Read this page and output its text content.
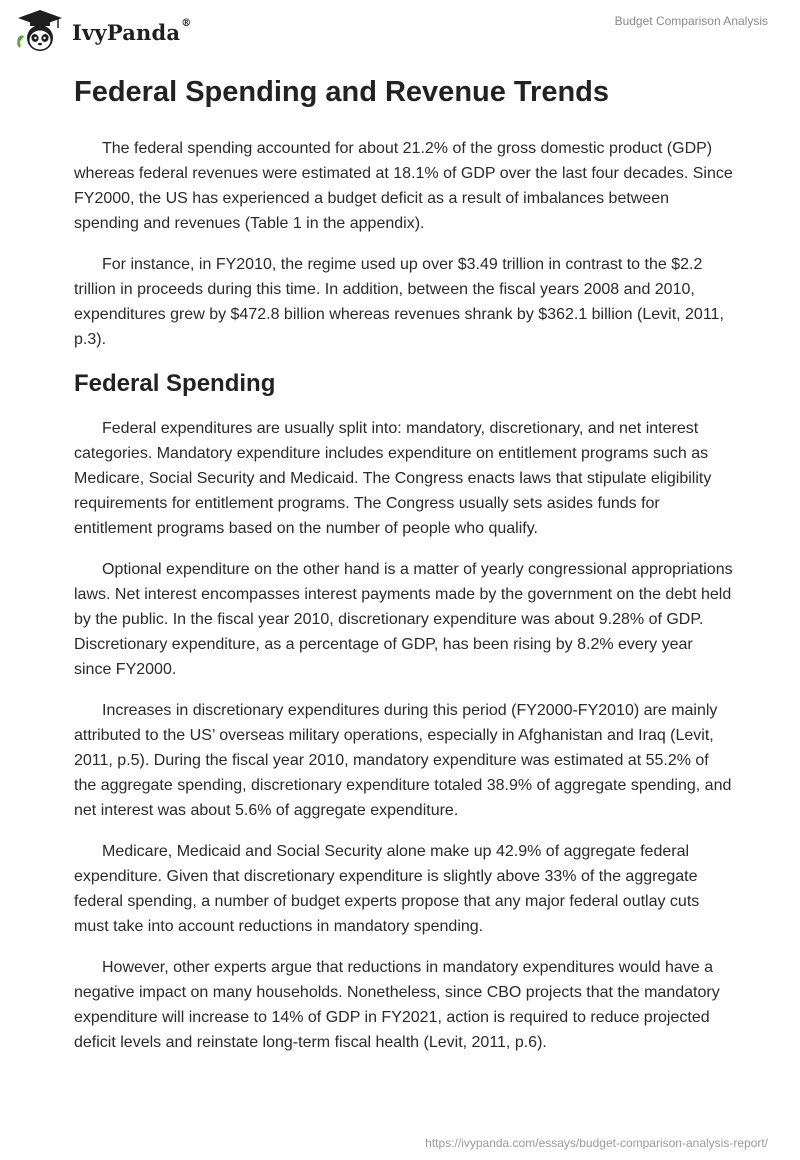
IvyPanda®	Budget Comparison Analysis
Federal Spending and Revenue Trends

The federal spending accounted for about 21.2% of the gross domestic product (GDP) whereas federal revenues were estimated at 18.1% of GDP over the last four decades. Since FY2000, the US has experienced a budget deficit as a result of imbalances between spending and revenues (Table 1 in the appendix).

For instance, in FY2010, the regime used up over $3.49 trillion in contrast to the $2.2 trillion in proceeds during this time. In addition, between the fiscal years 2008 and 2010, expenditures grew by $472.8 billion whereas revenues shrank by $362.1 billion (Levit, 2011, p.3).

Federal Spending

Federal expenditures are usually split into: mandatory, discretionary, and net interest categories. Mandatory expenditure includes expenditure on entitlement programs such as Medicare, Social Security and Medicaid. The Congress enacts laws that stipulate eligibility requirements for entitlement programs. The Congress usually sets asides funds for entitlement programs based on the number of people who qualify.

Optional expenditure on the other hand is a matter of yearly congressional appropriations laws. Net interest encompasses interest payments made by the government on the debt held by the public. In the fiscal year 2010, discretionary expenditure was about 9.28% of GDP. Discretionary expenditure, as a percentage of GDP, has been rising by 8.2% every year since FY2000.

Increases in discretionary expenditures during this period (FY2000-FY2010) are mainly attributed to the US’ overseas military operations, especially in Afghanistan and Iraq (Levit, 2011, p.5). During the fiscal year 2010, mandatory expenditure was estimated at 55.2% of the aggregate spending, discretionary expenditure totaled 38.9% of aggregate spending, and net interest was about 5.6% of aggregate expenditure.

Medicare, Medicaid and Social Security alone make up 42.9% of aggregate federal expenditure. Given that discretionary expenditure is slightly above 33% of the aggregate federal spending, a number of budget experts propose that any major federal outlay cuts must take into account reductions in mandatory spending.

However, other experts argue that reductions in mandatory expenditures would have a negative impact on many households. Nonetheless, since CBO projects that the mandatory expenditure will increase to 14% of GDP in FY2021, action is required to reduce projected deficit levels and reinstate long-term fiscal health (Levit, 2011, p.6).

https://ivypanda.com/essays/budget-comparison-analysis-report/
